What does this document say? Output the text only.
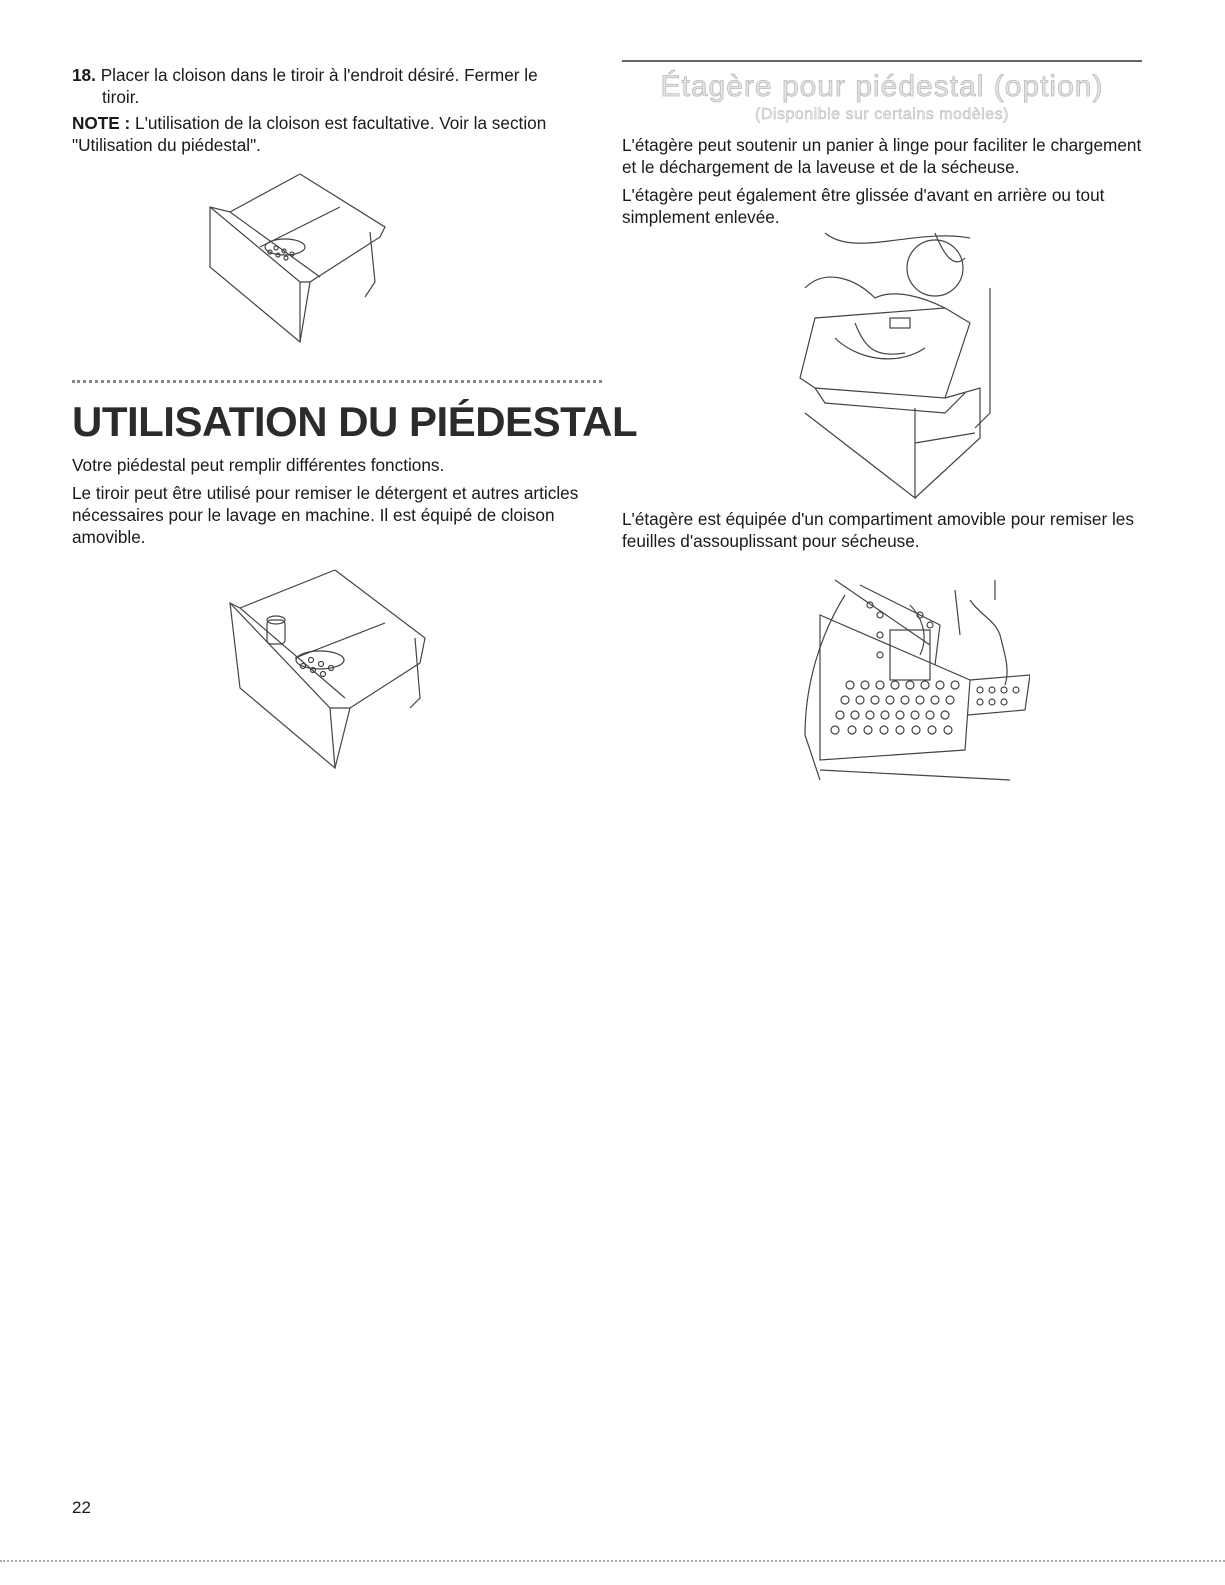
18. Placer la cloison dans le tiroir à l'endroit désiré. Fermer le
tiroir.

NOTE : L'utilisation de la cloison est facultative. Voir la section "Utilisation du piédestal".

UTILISATION DU PIÉDESTAL

Votre piédestal peut remplir différentes fonctions.

Le tiroir peut être utilisé pour remiser le détergent et autres articles nécessaires pour le lavage en machine. Il est équipé de cloison amovible.

Étagère pour piédestal (option)

(Disponible sur certains modèles)

L'étagère peut soutenir un panier à linge pour faciliter le chargement et le déchargement de la laveuse et de la sécheuse.

L'étagère peut également être glissée d'avant en arrière ou tout simplement enlevée.

L'étagère est équipée d'un compartiment amovible pour remiser les feuilles d'assouplissant pour sécheuse.

22
